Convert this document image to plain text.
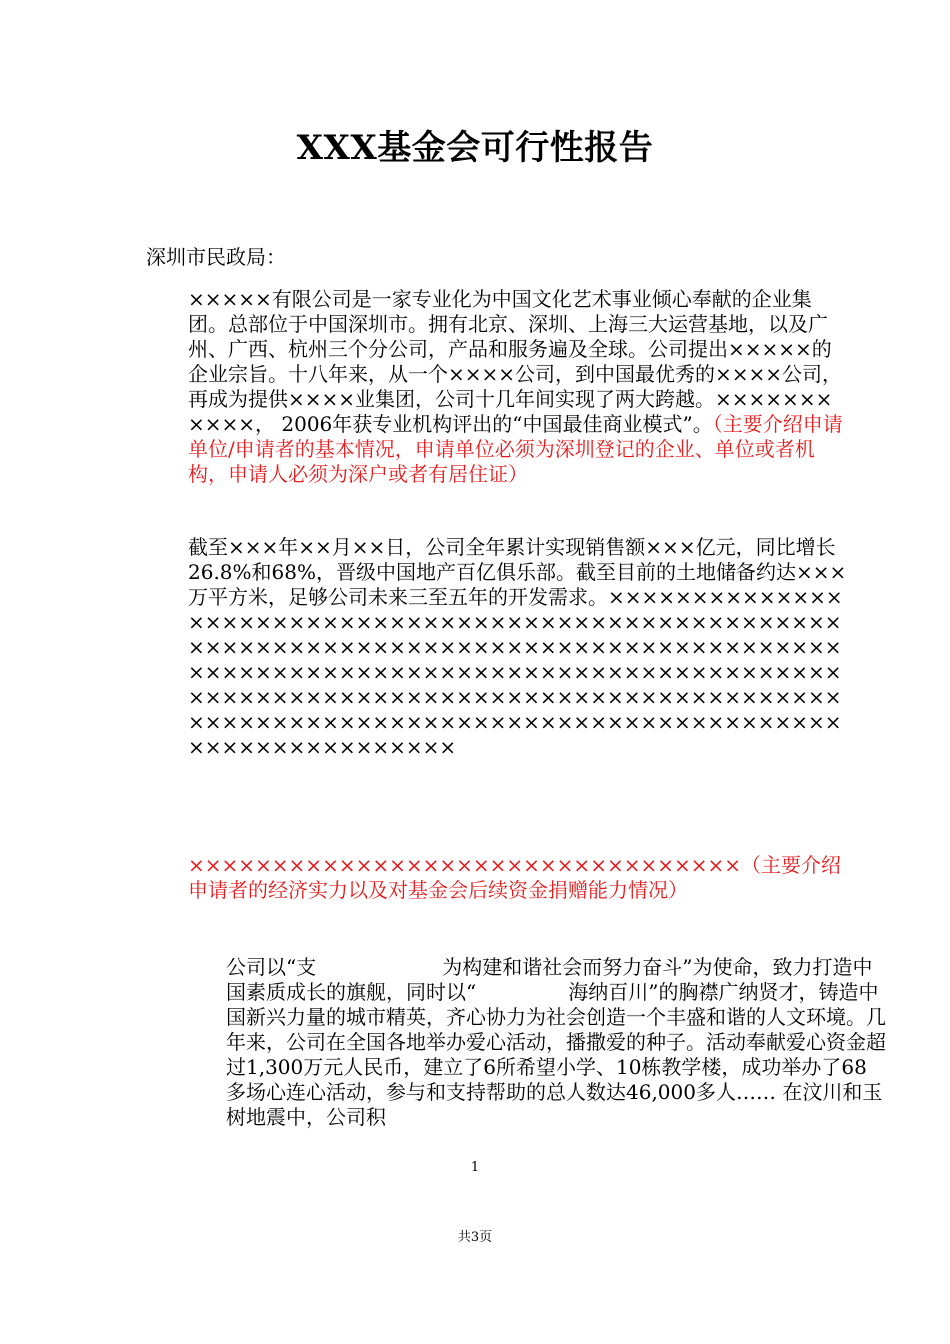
XXX基金会可行性报告
深圳市民政局：

×××××有限公司是一家专业化为中国文化艺术事业倾心奉献的企业集团。总部位于中国深圳市。拥有北京、深圳、上海三大运营基地，以及广州、广西、杭州三个分公司，产品和服务遍及全球。公司提出×××××的企业宗旨。十八年来，从一个××××公司，到中国最优秀的××××公司，再成为提供××××业集团，公司十几年间实现了两大跨越。×××××××××××， 2006年获专业机构评出的“中国最佳商业模式”。（主要介绍申请单位/申请者的基本情况，申请单位必须为深圳登记的企业、单位或者机构，申请人必须为深户或者有居住证）

截至×××年××月××日，公司全年累计实现销售额×××亿元，同比增长26.8%和68%，晋级中国地产百亿俱乐部。截至目前的土地储备约达×××万平方米，足够公司未来三至五年的开发需求。×××××××××××××××××××××××××××××××××××××××××××××××××××××××××××××××××××××××××××××××××××××××××××××××××××××××××××××××××××××××××××××××××××××××××××××××××××××××××××××××××××××××××××××××××××××××××××××××××××××××××××××××××××××××××××××××××

×××××××××××××××××××××××××××××××××（主要介绍申请者的经济实力以及对基金会后续资金捐赠能力情况）

公司以“支	为构建和谐社会而努力奋斗”为使命，致力打造中国素质成长的旗舰，同时以“	海纳百川”的胸襟广纳贤才，铸造中国新兴力量的城市精英，齐心协力为社会创造一个丰盛和谐的人文环境。几年来，公司在全国各地举办爱心活动，播撒爱的种子。活动奉献爱心资金超过1,300万元人民币，建立了6所希望小学、10栋教学楼，成功举办了68多场心连心活动，参与和支持帮助的总人数达46,000多人…… 在汶川和玉树地震中，公司积

1
共3页
